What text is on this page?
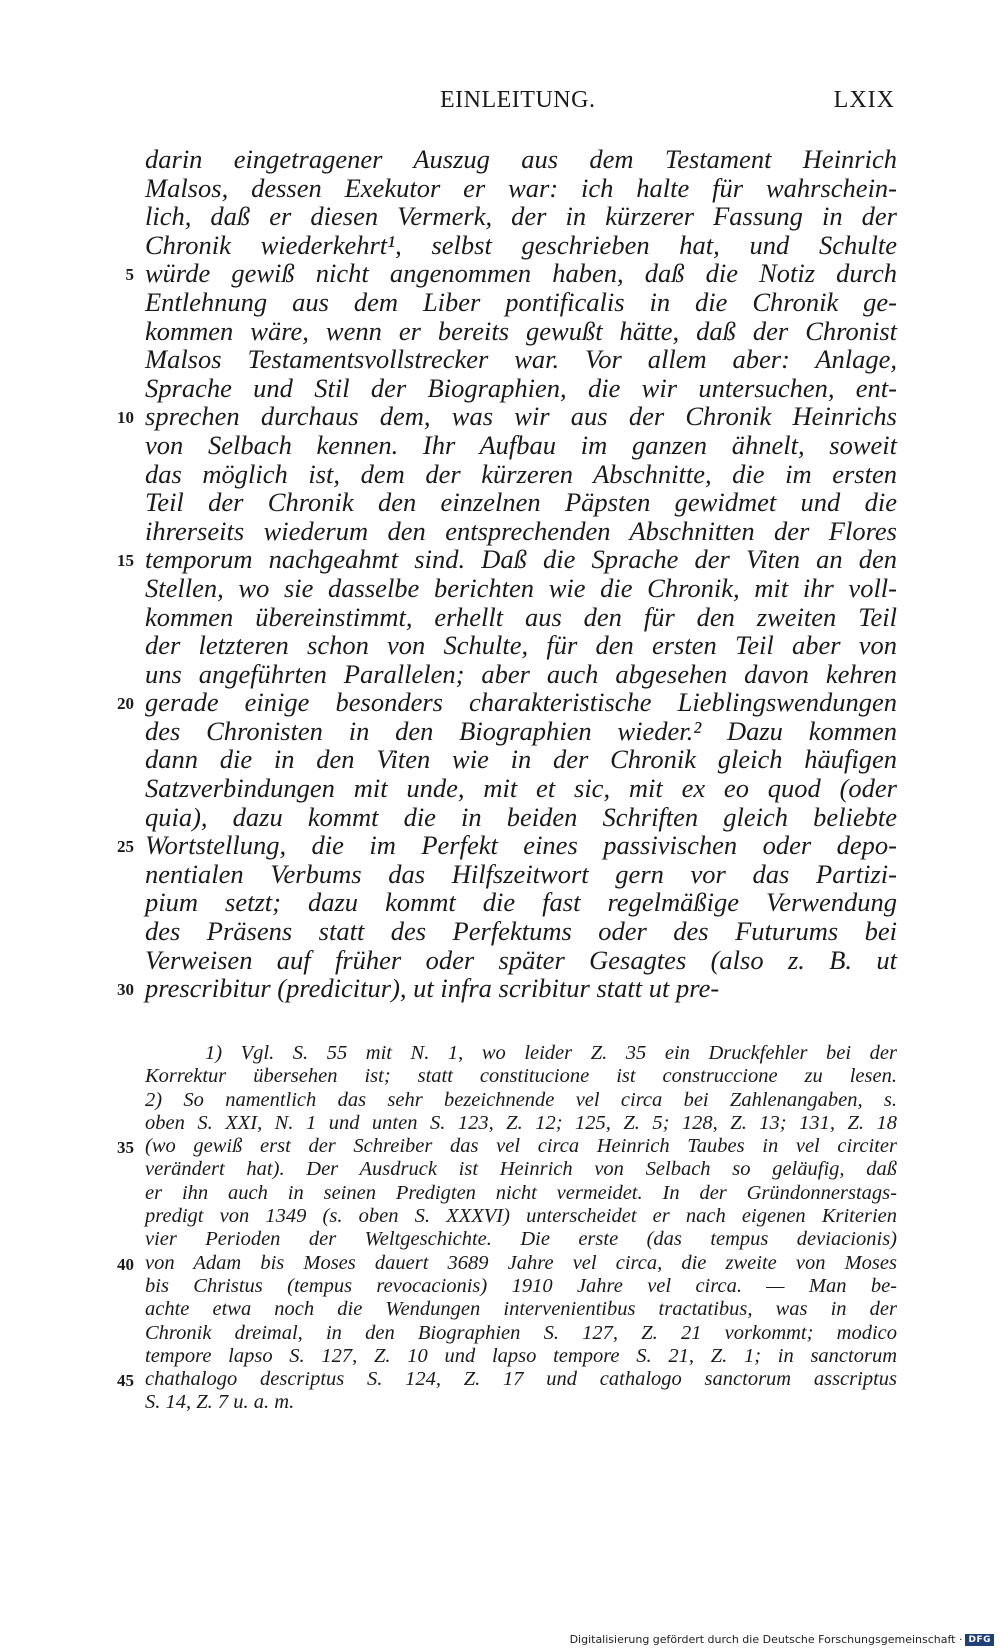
EINLEITUNG.	LXIX
darin eingetragener Auszug aus dem Testament Heinrich
Malsos, dessen Exekutor er war: ich halte für wahrschein-
lich, daß er diesen Vermerk, der in kürzerer Fassung in der
Chronik wiederkehrt¹, selbst geschrieben hat, und Schulte
würde gewiß nicht angenommen haben, daß die Notiz durch
Entlehnung aus dem Liber pontificalis in die Chronik ge-
kommen wäre, wenn er bereits gewußt hätte, daß der Chronist
Malsos Testamentsvollstrecker war. Vor allem aber: Anlage,
Sprache und Stil der Biographien, die wir untersuchen, ent-
sprechen durchaus dem, was wir aus der Chronik Heinrichs
von Selbach kennen. Ihr Aufbau im ganzen ähnelt, soweit
das möglich ist, dem der kürzeren Abschnitte, die im ersten
Teil der Chronik den einzelnen Päpsten gewidmet und die
ihrerseits wiederum den entsprechenden Abschnitten der Flores
temporum nachgeahmt sind. Daß die Sprache der Viten an den
Stellen, wo sie dasselbe berichten wie die Chronik, mit ihr voll-
kommen übereinstimmt, erhellt aus den für den zweiten Teil
der letzteren schon von Schulte, für den ersten Teil aber von
uns angeführten Parallelen; aber auch abgesehen davon kehren
gerade einige besonders charakteristische Lieblingswendungen
des Chronisten in den Biographien wieder.² Dazu kommen
dann die in den Viten wie in der Chronik gleich häufigen
Satzverbindungen mit unde, mit et sic, mit ex eo quod (oder
quia), dazu kommt die in beiden Schriften gleich beliebte
Wortstellung, die im Perfekt eines passivischen oder depo-
nentialen Verbums das Hilfszeitwort gern vor das Partizi-
pium setzt; dazu kommt die fast regelmäßige Verwendung
des Präsens statt des Perfektums oder des Futurums bei
Verweisen auf früher oder später Gesagtes (also z. B. ut
prescribitur (predicitur), ut infra scribitur statt ut pre-
5
10
15
20
25
30
1) Vgl. S. 55 mit N. 1, wo leider Z. 35 ein Druckfehler bei der
Korrektur übersehen ist; statt constitucione ist construccione zu lesen.
2) So namentlich das sehr bezeichnende vel circa bei Zahlenangaben, s.
oben S. XXI, N. 1 und unten S. 123, Z. 12; 125, Z. 5; 128, Z. 13; 131, Z. 18
(wo gewiß erst der Schreiber das vel circa Heinrich Taubes in vel circiter
verändert hat). Der Ausdruck ist Heinrich von Selbach so geläufig, daß
er ihn auch in seinen Predigten nicht vermeidet. In der Gründonnerstags-
predigt von 1349 (s. oben S. XXXVI) unterscheidet er nach eigenen Kriterien
vier Perioden der Weltgeschichte. Die erste (das tempus deviacionis)
von Adam bis Moses dauert 3689 Jahre vel circa, die zweite von Moses
bis Christus (tempus revocacionis) 1910 Jahre vel circa. — Man be-
achte etwa noch die Wendungen intervenientibus tractatibus, was in der
Chronik dreimal, in den Biographien S. 127, Z. 21 vorkommt; modico
tempore lapso S. 127, Z. 10 und lapso tempore S. 21, Z. 1; in sanctorum
chathalogo descriptus S. 124, Z. 17 und cathalogo sanctorum asscriptus
S. 14, Z. 7 u. a. m.
35
40
45
Digitalisierung gefördert durch die Deutsche Forschungsgemeinschaft · DFG
